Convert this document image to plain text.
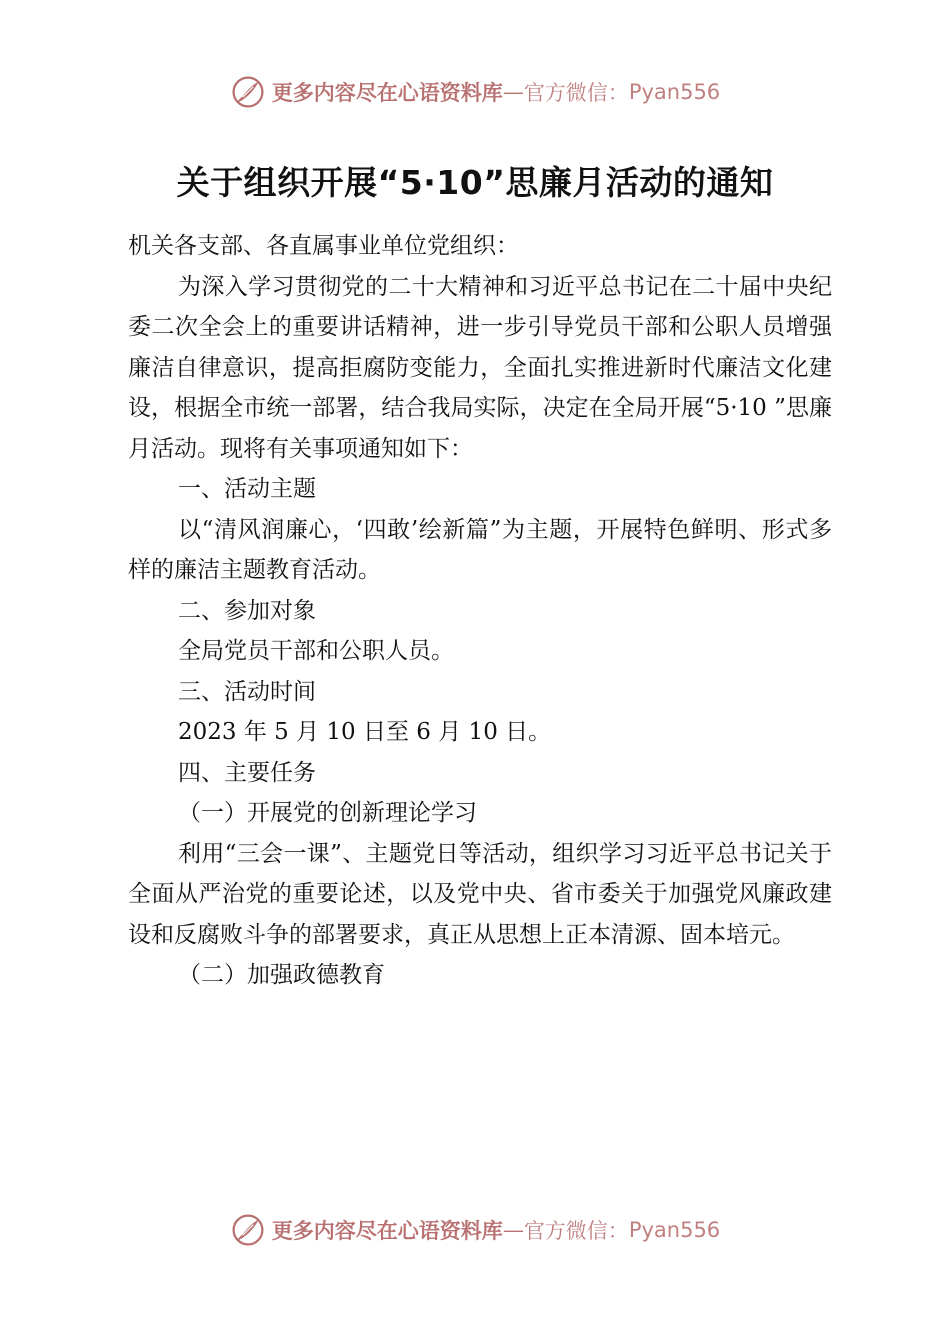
更多内容尽在心语资料库 — 官方微信： Pyan556
关于组织开展“5·10”思廉月活动的通知

机关各支部、各直属事业单位党组织：

为深入学习贯彻党的二十大精神和习近平总书记在二十届中央纪委二次全会上的重要讲话精神，进一步引导党员干部和公职人员增强廉洁自律意识，提高拒腐防变能力，全面扎实推进新时代廉洁文化建设，根据全市统一部署，结合我局实际，决定在全局开展“5·10 ”思廉月活动。现将有关事项通知如下：

一、活动主题

以“清风润廉心，‘四敢’绘新篇”为主题，开展特色鲜明、形式多样的廉洁主题教育活动。

二、参加对象

全局党员干部和公职人员。

三、活动时间

2023 年 5 月 10 日至 6 月 10 日。

四、主要任务

（一）开展党的创新理论学习

利用“三会一课”、主题党日等活动，组织学习习近平总书记关于全面从严治党的重要论述，以及党中央、省市委关于加强党风廉政建设和反腐败斗争的部署要求，真正从思想上正本清源、固本培元。

（二）加强政德教育

更多内容尽在心语资料库 — 官方微信： Pyan556
